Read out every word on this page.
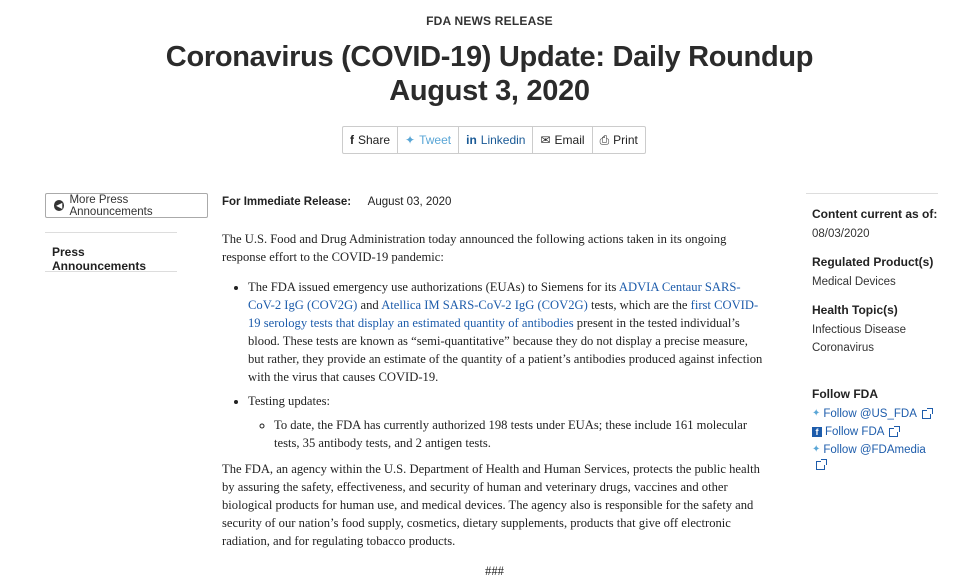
FDA NEWS RELEASE
Coronavirus (COVID-19) Update: Daily Roundup
August 3, 2020
f Share ✦ Tweet in Linkedin ✉ Email ⎙ Print
◀ More Press Announcements
Press Announcements
For Immediate Release: August 03, 2020

The U.S. Food and Drug Administration today announced the following actions taken in its ongoing response effort to the COVID-19 pandemic:

• The FDA issued emergency use authorizations (EUAs) to Siemens for its ADVIA Centaur SARS-CoV-2 IgG (COV2G) and Atellica IM SARS-CoV-2 IgG (COV2G) tests, which are the first COVID-19 serology tests that display an estimated quantity of antibodies present in the tested individual’s blood. These tests are known as “semi-quantitative” because they do not display a precise measure, but rather, they provide an estimate of the quantity of a patient’s antibodies produced against infection with the virus that causes COVID-19.
• Testing updates:
◦ To date, the FDA has currently authorized 198 tests under EUAs; these include 161 molecular tests, 35 antibody tests, and 2 antigen tests.

The FDA, an agency within the U.S. Department of Health and Human Services, protects the public health by assuring the safety, effectiveness, and security of human and veterinary drugs, vaccines and other biological products for human use, and medical devices. The agency also is responsible for the safety and security of our nation’s food supply, cosmetics, dietary supplements, products that give off electronic radiation, and for regulating tobacco products.

###
Content current as of:
08/03/2020
Regulated Product(s)
Medical Devices
Health Topic(s)
Infectious Disease
Coronavirus
Follow FDA
✦ Follow @US_FDA
f Follow FDA
✦ Follow @FDAmedia
